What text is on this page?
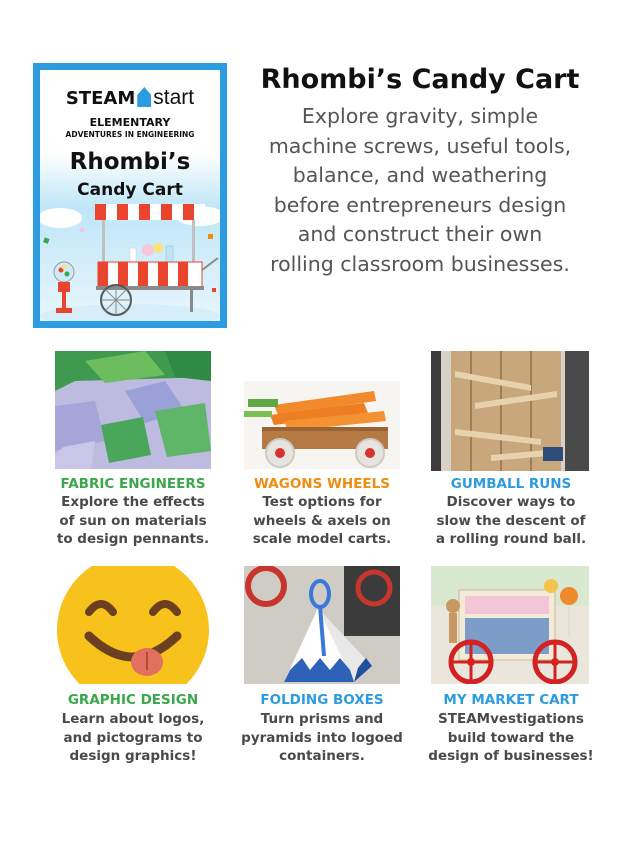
STEAM start
ELEMENTARY
ADVENTURES IN ENGINEERING
Rhombi’s
Candy Cart
Rhombi’s Candy Cart
Explore gravity, simple
machine screws, useful tools,
balance, and weathering
before entrepreneurs design
and construct their own
rolling classroom businesses.
FABRIC ENGINEERS
Explore the effects
of sun on materials
to design pennants.
WAGONS WHEELS
Test options for
wheels & axels on
scale model carts.
GUMBALL RUNS
Discover ways to
slow the descent of
a rolling round ball.
GRAPHIC DESIGN
Learn about logos,
and pictograms to
design graphics!
FOLDING BOXES
Turn prisms and
pyramids into logoed
containers.
MY MARKET CART
STEAMvestigations
build toward the
design of businesses!
